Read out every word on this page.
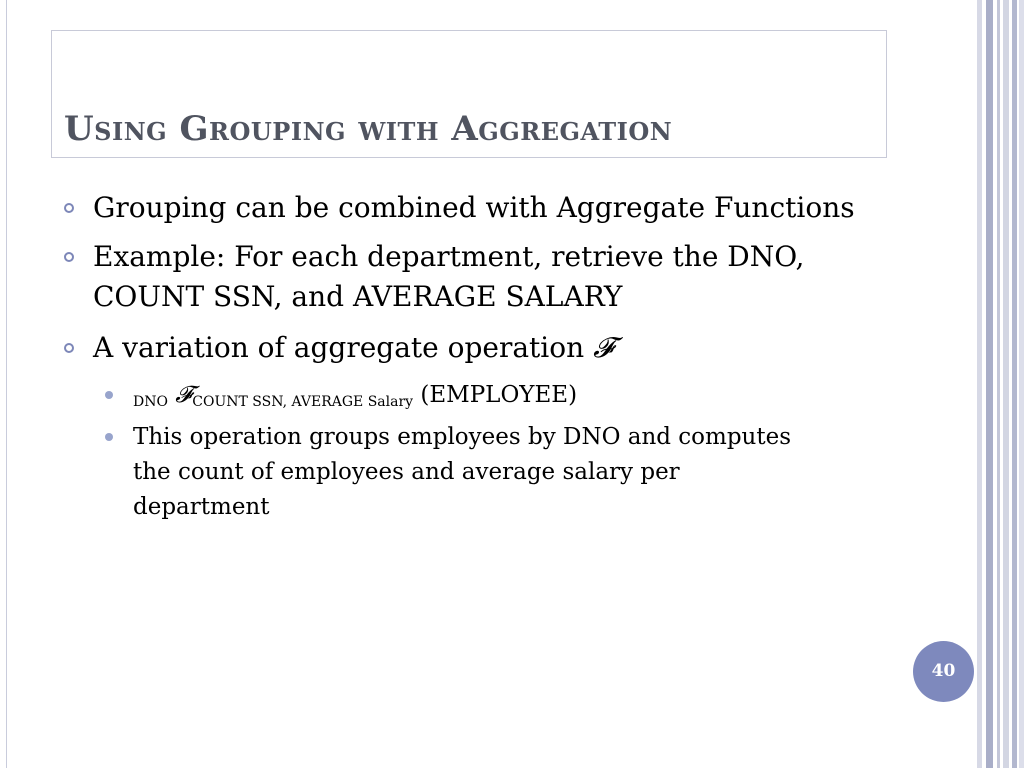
Using Grouping with Aggregation
Grouping can be combined with Aggregate Functions
Example: For each department, retrieve the DNO,
COUNT SSN, and AVERAGE SALARY
A variation of aggregate operation 𝓕
$_{DNO}$ 𝓕$_{COUNT SSN, AVERAGE Salary}$ (EMPLOYEE)
This operation groups employees by DNO and computes
the count of employees and average salary per
department
40
